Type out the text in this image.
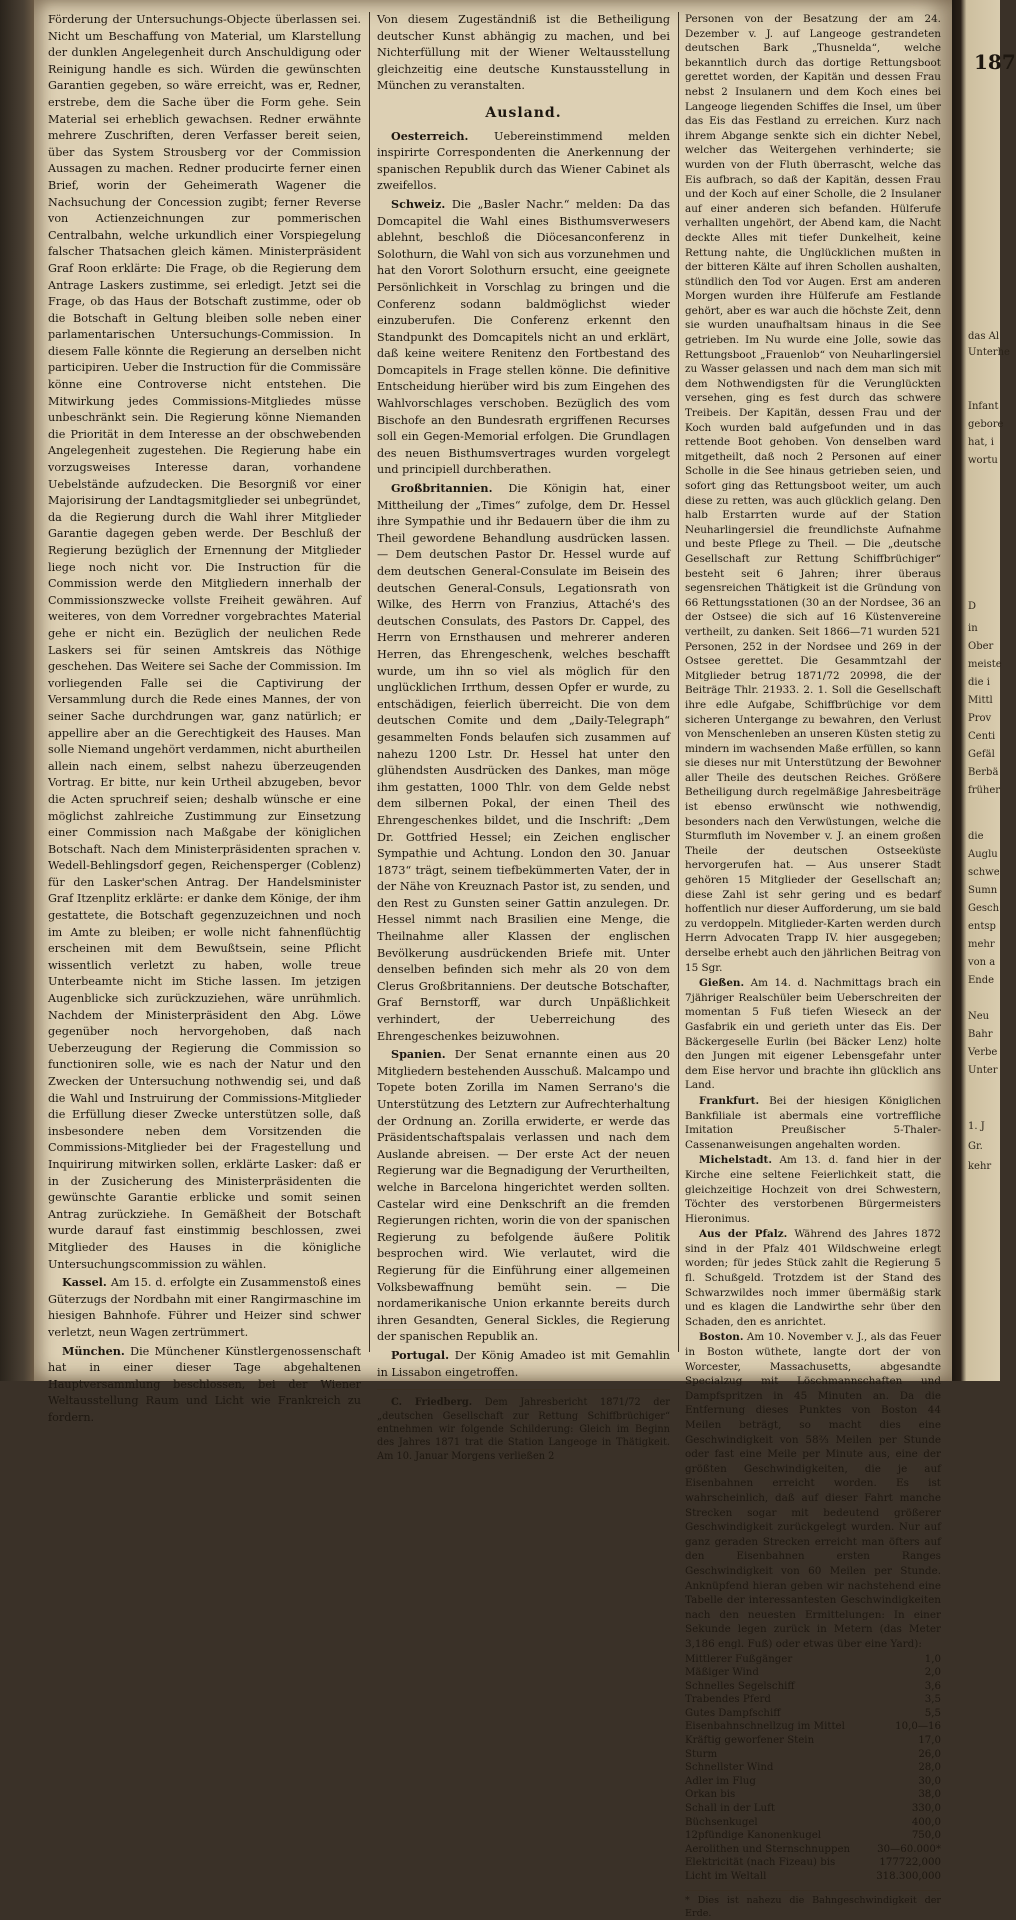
Förderung der Untersuchungs-Objecte überlassen sei. Nicht um Beschaffung von Material, um Klarstellung der dunklen Angelegenheit durch Anschuldigung oder Reinigung handle es sich. Würden die gewünschten Garantien gegeben, so wäre erreicht, was er, Redner, erstrebe, dem die Sache über die Form gehe. Sein Material sei erheblich gewachsen. Redner erwähnte mehrere Zuschriften, deren Verfasser bereit seien, über das System Strousberg vor der Commission Aussagen zu machen. Redner producirte ferner einen Brief, worin der Geheimerath Wagener die Nachsuchung der Concession zugibt; ferner Reverse von Actienzeichnungen zur pommerischen Centralbahn, welche urkundlich einer Vorspiegelung falscher Thatsachen gleich kämen. Ministerpräsident Graf Roon erklärte: Die Frage, ob die Regierung dem Antrage Laskers zustimme, sei erledigt. Jetzt sei die Frage, ob das Haus der Botschaft zustimme, oder ob die Botschaft in Geltung bleiben solle neben einer parlamentarischen Untersuchungs-Commission. In diesem Falle könnte die Regierung an derselben nicht participiren. Ueber die Instruction für die Commissäre könne eine Controverse nicht entstehen. Die Mitwirkung jedes Commissions-Mitgliedes müsse unbeschränkt sein. Die Regierung könne Niemanden die Priorität in dem Interesse an der obschwebenden Angelegenheit zugestehen. Die Regierung habe ein vorzugsweises Interesse daran, vorhandene Uebelstände aufzudecken. Die Besorgniß vor einer Majorisirung der Landtagsmitglieder sei unbegründet, da die Regierung durch die Wahl ihrer Mitglieder Garantie dagegen geben werde. Der Beschluß der Regierung bezüglich der Ernennung der Mitglieder liege noch nicht vor. Die Instruction für die Commission werde den Mitgliedern innerhalb der Commissionszwecke vollste Freiheit gewähren. Auf weiteres, von dem Vorredner vorgebrachtes Material gehe er nicht ein. Bezüglich der neulichen Rede Laskers sei für seinen Amtskreis das Nöthige geschehen. Das Weitere sei Sache der Commission. Im vorliegenden Falle sei die Captivirung der Versammlung durch die Rede eines Mannes, der von seiner Sache durchdrungen war, ganz natürlich; er appellire aber an die Gerechtigkeit des Hauses. Man solle Niemand ungehört verdammen, nicht aburtheilen allein nach einem, selbst nahezu überzeugenden Vortrag. Er bitte, nur kein Urtheil abzugeben, bevor die Acten spruchreif seien; deshalb wünsche er eine möglichst zahlreiche Zustimmung zur Einsetzung einer Commission nach Maßgabe der königlichen Botschaft. Nach dem Ministerpräsidenten sprachen v. Wedell-Behlingsdorf gegen, Reichensperger (Coblenz) für den Lasker'schen Antrag. Der Handelsminister Graf Itzenplitz erklärte: er danke dem Könige, der ihm gestattete, die Botschaft gegenzuzeichnen und noch im Amte zu bleiben; er wolle nicht fahnenflüchtig erscheinen mit dem Bewußtsein, seine Pflicht wissentlich verletzt zu haben, wolle treue Unterbeamte nicht im Stiche lassen. Im jetzigen Augenblicke sich zurückzuziehen, wäre unrühmlich. Nachdem der Ministerpräsident den Abg. Löwe gegenüber noch hervorgehoben, daß nach Ueberzeugung der Regierung die Commission so functioniren solle, wie es nach der Natur und den Zwecken der Untersuchung nothwendig sei, und daß die Wahl und Instruirung der Commissions-Mitglieder die Erfüllung dieser Zwecke unterstützen solle, daß insbesondere neben dem Vorsitzenden die Commissions-Mitglieder bei der Fragestellung und Inquirirung mitwirken sollen, erklärte Lasker: daß er in der Zusicherung des Ministerpräsidenten die gewünschte Garantie erblicke und somit seinen Antrag zurückziehe. In Gemäßheit der Botschaft wurde darauf fast einstimmig beschlossen, zwei Mitglieder des Hauses in die königliche Untersuchungscommission zu wählen.

Kassel. Am 15. d. erfolgte ein Zusammenstoß eines Güterzugs der Nordbahn mit einer Rangirmaschine im hiesigen Bahnhofe. Führer und Heizer sind schwer verletzt, neun Wagen zertrümmert.

München. Die Münchener Künstlergenossenschaft hat in einer dieser Tage abgehaltenen Hauptversammlung beschlossen, bei der Wiener Weltausstellung Raum und Licht wie Frankreich zu fordern.

Von diesem Zugeständniß ist die Betheiligung deutscher Kunst abhängig zu machen, und bei Nichterfüllung mit der Wiener Weltausstellung gleichzeitig eine deutsche Kunstausstellung in München zu veranstalten.

Ausland.

Oesterreich. Uebereinstimmend melden inspirirte Correspondenten die Anerkennung der spanischen Republik durch das Wiener Cabinet als zweifellos.

Schweiz. Die „Basler Nachr.“ melden: Da das Domcapitel die Wahl eines Bisthumsverwesers ablehnt, beschloß die Diöcesanconferenz in Solothurn, die Wahl von sich aus vorzunehmen und hat den Vorort Solothurn ersucht, eine geeignete Persönlichkeit in Vorschlag zu bringen und die Conferenz sodann baldmöglichst wieder einzuberufen. Die Conferenz erkennt den Standpunkt des Domcapitels nicht an und erklärt, daß keine weitere Renitenz den Fortbestand des Domcapitels in Frage stellen könne. Die definitive Entscheidung hierüber wird bis zum Eingehen des Wahlvorschlages verschoben. Bezüglich des vom Bischofe an den Bundesrath ergriffenen Recurses soll ein Gegen-Memorial erfolgen. Die Grundlagen des neuen Bisthumsvertrages wurden vorgelegt und principiell durchberathen.

Großbritannien. Die Königin hat, einer Mittheilung der „Times“ zufolge, dem Dr. Hessel ihre Sympathie und ihr Bedauern über die ihm zu Theil gewordene Behandlung ausdrücken lassen. — Dem deutschen Pastor Dr. Hessel wurde auf dem deutschen General-Consulate im Beisein des deutschen General-Consuls, Legationsrath von Wilke, des Herrn von Franzius, Attaché's des deutschen Consulats, des Pastors Dr. Cappel, des Herrn von Ernsthausen und mehrerer anderen Herren, das Ehrengeschenk, welches beschafft wurde, um ihn so viel als möglich für den unglücklichen Irrthum, dessen Opfer er wurde, zu entschädigen, feierlich überreicht. Die von dem deutschen Comite und dem „Daily-Telegraph“ gesammelten Fonds belaufen sich zusammen auf nahezu 1200 Lstr. Dr. Hessel hat unter den glühendsten Ausdrücken des Dankes, man möge ihm gestatten, 1000 Thlr. von dem Gelde nebst dem silbernen Pokal, der einen Theil des Ehrengeschenkes bildet, und die Inschrift: „Dem Dr. Gottfried Hessel; ein Zeichen englischer Sympathie und Achtung. London den 30. Januar 1873“ trägt, seinem tiefbekümmerten Vater, der in der Nähe von Kreuznach Pastor ist, zu senden, und den Rest zu Gunsten seiner Gattin anzulegen. Dr. Hessel nimmt nach Brasilien eine Menge, die Theilnahme aller Klassen der englischen Bevölkerung ausdrückenden Briefe mit. Unter denselben befinden sich mehr als 20 von dem Clerus Großbritanniens. Der deutsche Botschafter, Graf Bernstorff, war durch Unpäßlichkeit verhindert, der Ueberreichung des Ehrengeschenkes beizuwohnen.

Spanien. Der Senat ernannte einen aus 20 Mitgliedern bestehenden Ausschuß. Malcampo und Topete boten Zorilla im Namen Serrano's die Unterstützung des Letztern zur Aufrechterhaltung der Ordnung an. Zorilla erwiderte, er werde das Präsidentschaftspalais verlassen und nach dem Auslande abreisen. — Der erste Act der neuen Regierung war die Begnadigung der Verurtheilten, welche in Barcelona hingerichtet werden sollten. Castelar wird eine Denkschrift an die fremden Regierungen richten, worin die von der spanischen Regierung zu befolgende äußere Politik besprochen wird. Wie verlautet, wird die Regierung für die Einführung einer allgemeinen Volksbewaffnung bemüht sein. — Die nordamerikanische Union erkannte bereits durch ihren Gesandten, General Sickles, die Regierung der spanischen Republik an.

Portugal. Der König Amadeo ist mit Gemahlin in Lissabon eingetroffen.

C. Friedberg. Dem Jahresbericht 1871/72 der „deutschen Gesellschaft zur Rettung Schiffbrüchiger“ entnehmen wir folgende Schilderung: Gleich im Beginn des Jahres 1871 trat die Station Langeoge in Thätigkeit. Am 10. Januar Morgens verließen 2

Personen von der Besatzung der am 24. Dezember v. J. auf Langeoge gestrandeten deutschen Bark „Thusnelda“, welche bekanntlich durch das dortige Rettungsboot gerettet worden, der Kapitän und dessen Frau nebst 2 Insulanern und dem Koch eines bei Langeoge liegenden Schiffes die Insel, um über das Eis das Festland zu erreichen. Kurz nach ihrem Abgange senkte sich ein dichter Nebel, welcher das Weitergehen verhinderte; sie wurden von der Fluth überrascht, welche das Eis aufbrach, so daß der Kapitän, dessen Frau und der Koch auf einer Scholle, die 2 Insulaner auf einer anderen sich befanden. Hülferufe verhallten ungehört, der Abend kam, die Nacht deckte Alles mit tiefer Dunkelheit, keine Rettung nahte, die Unglücklichen mußten in der bitteren Kälte auf ihren Schollen aushalten, stündlich den Tod vor Augen. Erst am anderen Morgen wurden ihre Hülferufe am Festlande gehört, aber es war auch die höchste Zeit, denn sie wurden unaufhaltsam hinaus in die See getrieben. Im Nu wurde eine Jolle, sowie das Rettungsboot „Frauenlob“ von Neuharlingersiel zu Wasser gelassen und nach dem man sich mit dem Nothwendigsten für die Verunglückten versehen, ging es fest durch das schwere Treibeis. Der Kapitän, dessen Frau und der Koch wurden bald aufgefunden und in das rettende Boot gehoben. Von denselben ward mitgetheilt, daß noch 2 Personen auf einer Scholle in die See hinaus getrieben seien, und sofort ging das Rettungsboot weiter, um auch diese zu retten, was auch glücklich gelang. Den halb Erstarrten wurde auf der Station Neuharlingersiel die freundlichste Aufnahme und beste Pflege zu Theil. — Die „deutsche Gesellschaft zur Rettung Schiffbrüchiger“ besteht seit 6 Jahren; ihrer überaus segensreichen Thätigkeit ist die Gründung von 66 Rettungsstationen (30 an der Nordsee, 36 an der Ostsee) die sich auf 16 Küstenvereine vertheilt, zu danken. Seit 1866—71 wurden 521 Personen, 252 in der Nordsee und 269 in der Ostsee gerettet. Die Gesammtzahl der Mitglieder betrug 1871/72 20998, die der Beiträge Thlr. 21933. 2. 1. Soll die Gesellschaft ihre edle Aufgabe, Schiffbrüchige vor dem sicheren Untergange zu bewahren, den Verlust von Menschenleben an unseren Küsten stetig zu mindern im wachsenden Maße erfüllen, so kann sie dieses nur mit Unterstützung der Bewohner aller Theile des deutschen Reiches. Größere Betheiligung durch regelmäßige Jahresbeiträge ist ebenso erwünscht wie nothwendig, besonders nach den Verwüstungen, welche die Sturmfluth im November v. J. an einem großen Theile der deutschen Ostseeküste hervorgerufen hat. — Aus unserer Stadt gehören 15 Mitglieder der Gesellschaft an; diese Zahl ist sehr gering und es bedarf hoffentlich nur dieser Aufforderung, um sie bald zu verdoppeln. Mitglieder-Karten werden durch Herrn Advocaten Trapp IV. hier ausgegeben; derselbe erhebt auch den jährlichen Beitrag von 15 Sgr.

Gießen. Am 14. d. Nachmittags brach ein 7jähriger Realschüler beim Ueberschreiten der momentan 5 Fuß tiefen Wieseck an der Gasfabrik ein und gerieth unter das Eis. Der Bäckergeselle Eurlin (bei Bäcker Lenz) holte den Jungen mit eigener Lebensgefahr unter dem Eise hervor und brachte ihn glücklich ans Land.

Frankfurt. Bei der hiesigen Königlichen Bankfiliale ist abermals eine vortreffliche Imitation Preußischer 5-Thaler-Cassenanweisungen angehalten worden.

Michelstadt. Am 13. d. fand hier in der Kirche eine seltene Feierlichkeit statt, die gleichzeitige Hochzeit von drei Schwestern, Töchter des verstorbenen Bürgermeisters Hieronimus.

Aus der Pfalz. Während des Jahres 1872 sind in der Pfalz 401 Wildschweine erlegt worden; für jedes Stück zahlt die Regierung 5 fl. Schußgeld. Trotzdem ist der Stand des Schwarzwildes noch immer übermäßig stark und es klagen die Landwirthe sehr über den Schaden, den es anrichtet.

Boston. Am 10. November v. J., als das Feuer in Boston wüthete, langte dort der von Worcester, Massachusetts, abgesandte Specialzug mit Löschmannschaften und Dampfspritzen in 45 Minuten an. Da die Entfernung dieses Punktes von Boston 44 Meilen beträgt, so macht dies eine Geschwindigkeit von 58⅔ Meilen per Stunde oder fast eine Meile per Minute aus, eine der größten Geschwindigkeiten, die je auf Eisenbahnen erreicht worden. Es ist wahrscheinlich, daß auf dieser Fahrt manche Strecken sogar mit bedeutend größerer Geschwindigkeit zurückgelegt wurden. Nur auf ganz geraden Strecken erreicht man öfters auf den Eisenbahnen ersten Ranges Geschwindigkeit von 60 Meilen per Stunde. Anknüpfend hieran geben wir nachstehend eine Tabelle der interessantesten Geschwindigkeiten nach den neuesten Ermittelungen: In einer Sekunde legen zurück in Metern (das Meter 3,186 engl. Fuß) oder etwas über eine Yard):

Mittlerer Fußgänger	1,0
Mäßiger Wind	2,0
Schnelles Segelschiff	3,6
Trabendes Pferd	3,5
Gutes Dampfschiff	5,5
Eisenbahnschnellzug im Mittel	10,0—16
Kräftig geworfener Stein	17,0
Sturm	26,0
Schnellster Wind	28,0
Adler im Flug	30,0
Orkan bis	38,0
Schall in der Luft	330,0
Büchsenkugel	400,0
12pfündige Kanonenkugel	750,0
Aerolithen und Sternschnuppen	30—60.000*
Elektricität (nach Fizeau) bis	177722,000
Licht im Weltall	318.300,000
* Dies ist nahezu die Bahngeschwindigkeit der Erde.
187
das Al
Unterhe
Infant
gebore
hat, i
wortu
D
in
Ober
meiste
die i
Mittl
Prov
Centi
Gefäl
Berbä
früher
die
Auglu
schwe
Sumn
Gesch
entsp
mehr
von a
Ende
Neu
Bahr
Verbe
Unter
1. J
Gr.
kehr
